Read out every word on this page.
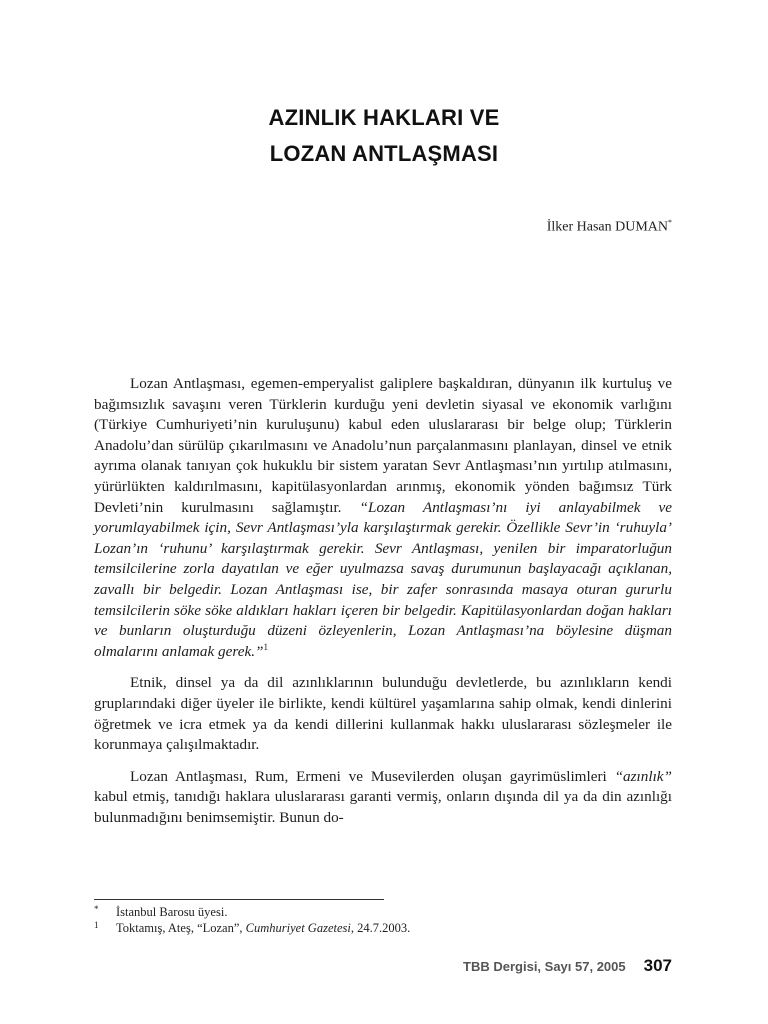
AZINLIK HAKLARI VE
LOZAN ANTLAŞMASI
İlker Hasan DUMAN*

Lozan Antlaşması, egemen-emperyalist galiplere başkaldıran, dünyanın ilk kurtuluş ve bağımsızlık savaşını veren Türklerin kurduğu yeni devletin siyasal ve ekonomik varlığını (Türkiye Cumhuriyeti’nin kuruluşunu) kabul eden uluslararası bir belge olup; Türklerin Anadolu’dan sürülüp çıkarılmasını ve Anadolu’nun parçalanmasını planlayan, dinsel ve etnik ayrıma olanak tanıyan çok hukuklu bir sistem yaratan Sevr Antlaşması’nın yırtılıp atılmasını, yürürlükten kaldırılmasını, kapitülasyonlardan arınmış, ekonomik yönden bağımsız Türk Devleti’nin kurulmasını sağlamıştır. “Lozan Antlaşması’nı iyi anlayabilmek ve yorumlayabilmek için, Sevr Antlaşması’yla karşılaştırmak gerekir. Özellikle Sevr’in ‘ruhuyla’ Lozan’ın ‘ruhunu’ karşılaştırmak gerekir. Sevr Antlaşması, yenilen bir imparatorluğun temsilcilerine zorla dayatılan ve eğer uyulmazsa savaş durumunun başlayacağı açıklanan, zavallı bir belgedir. Lozan Antlaşması ise, bir zafer sonrasında masaya oturan gururlu temsilcilerin söke söke aldıkları hakları içeren bir belgedir. Kapitülasyonlardan doğan hakları ve bunların oluşturduğu düzeni özleyenlerin, Lozan Antlaşması’na böylesine düşman olmalarını anlamak gerek.”$^1$

Etnik, dinsel ya da dil azınlıklarının bulunduğu devletlerde, bu azınlıkların kendi gruplarındaki diğer üyeler ile birlikte, kendi kültürel yaşamlarına sahip olmak, kendi dinlerini öğretmek ve icra etmek ya da kendi dillerini kullanmak hakkı uluslararası sözleşmeler ile korunmaya çalışılmaktadır.

Lozan Antlaşması, Rum, Ermeni ve Musevilerden oluşan gayrimüslimleri “azınlık” kabul etmiş, tanıdığı haklara uluslararası garanti vermiş, onların dışında dil ya da din azınlığı bulunmadığını benimsemiştir. Bunun do-

* İstanbul Barosu üyesi.
1 Toktamış, Ateş, “Lozan”, Cumhuriyet Gazetesi, 24.7.2003.
TBB Dergisi, Sayı 57, 2005 307
